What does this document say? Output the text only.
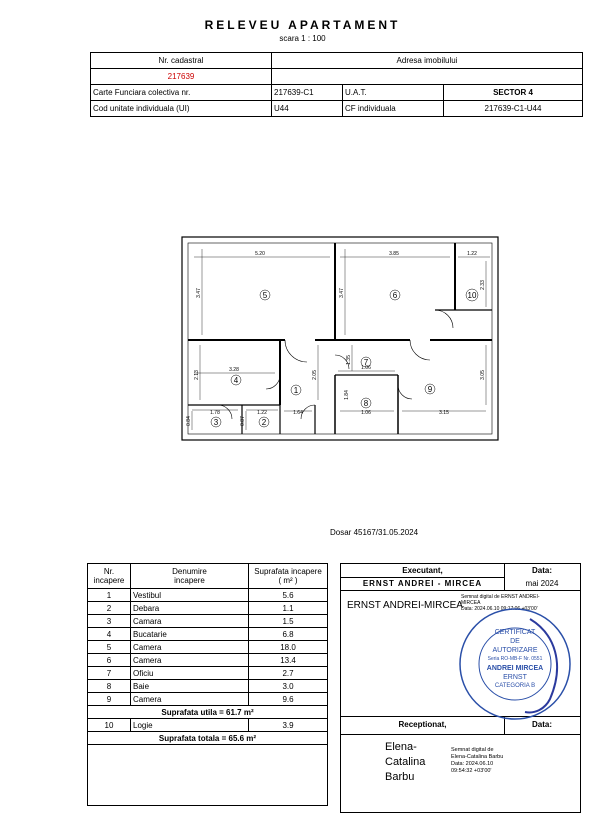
RELEVEU APARTAMENT
scara 1 : 100
Nr. cadastral	Adresa imobilului		
217639			
Carte Funciara colectiva nr.	217639-C1	U.A.T.	SECTOR 4
Cod unitate individuala (UI)	U44	CF individuala	217639-C1-U44
5.20	3.85	1.22
3.47	3.47
2.33
3.28
2.13	2.05
1.35
1.06
1.78	1.22
0.84	0.87
1.64	1.06	3.15
3.05
1.84
1
2
3
4
5	6
7
8
9
10
Dosar 45167/31.05.2024
Nr.
incapere	Denumire
incapere	Suprafata incapere
( m² )
1	Vestibul	5.6
2	Debara	1.1
3	Camara	1.5
4	Bucatarie	6.8
5	Camera	18.0
6	Camera	13.4
7	Oficiu	2.7
8	Baie	3.0
9	Camera	9.6
Suprafata utila = 61.7 m²		
10	Logie	3.9
Suprafata totala = 65.6 m²		

Executant,	Data:
ERNST ANDREI - MIRCEA	mai 2024
ERNST ANDREI-MIRCEA
Semnat digital de ERNST ANDREI-
MIRCEA
Data: 2024.06.10 09:17:06 +03'00'
CERTIFICAT
DE
AUTORIZARE
Seria RO-MB-F Nr. 0551
ANDREI MIRCEA
ERNST
CATEGORIA B
Receptionat,	Data:
Elena-
Catalina
Barbu
Semnat digital de
Elena-Catalina Barbu
Data: 2024.06.10
09:54:32 +03'00'
